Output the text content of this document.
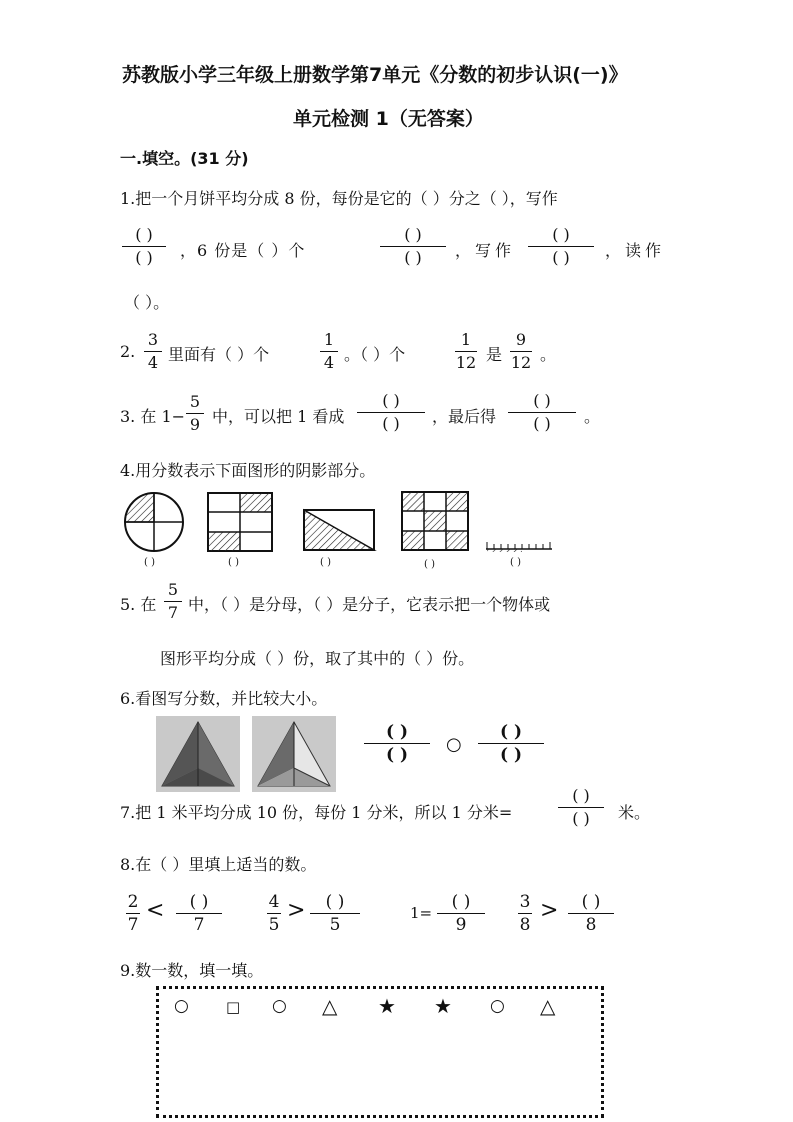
苏教版小学三年级上册数学第7单元《分数的初步认识(一)》
单元检测 1（无答案）
一.填空。(31 分)
1.把一个月饼平均分成 8 份，每份是它的（ ）分之（ ），写作
( )
( )	，6 份是（ ）个
( )
( )	，写作
( )
( )	，读作
（ ）。
2.
3
4 里面有（ ）个
1
4 。（ ）个
1
12 是
9
12 。
3. 在 1−
5
9 中，可以把 1 看成
( )
( )	，最后得
( )
( )	。
4.用分数表示下面图形的阴影部分。
( )	( )	( )	( )	( )
5. 在
5
7 中，（ ）是分母，（ ）是分子，它表示把一个物体或
图形平均分成（ ）份，取了其中的（ ）份。
6.看图写分数，并比较大小。
( )
( )	○
( )
( )
7.把 1 米平均分成 10 份，每份 1 分米，所以 1 分米=
( )
( )	米。
8.在（ ）里填上适当的数。
2
7
<	( )
7
4
5
>	( )
5
1=
( )
9
3
8
>	( )
8
9.数一数，填一填。
○ □ ○ △ ★ ★ ○ △
